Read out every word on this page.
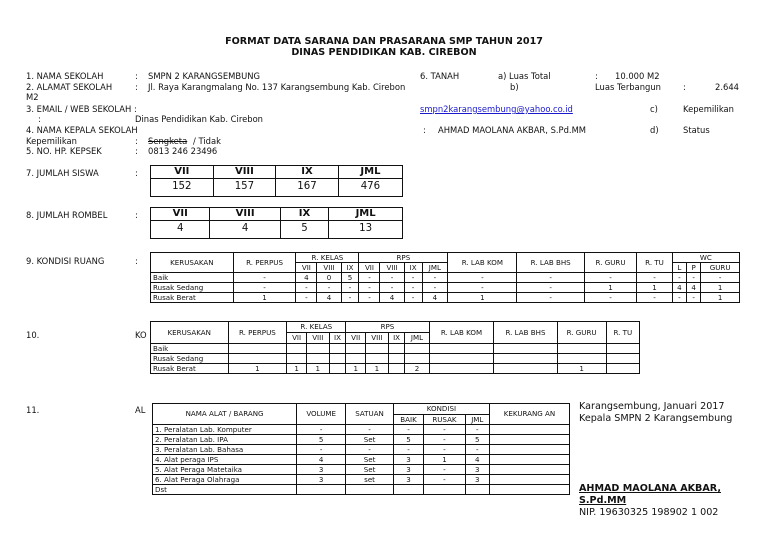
FORMAT DATA SARANA DAN PRASARANA SMP TAHUN 2017
DINAS PENDIDIKAN KAB. CIREBON
1. NAMA SEKOLAH	: SMPN 2 KARANGSEMBUNG
2. ALAMAT SEKOLAH	: Jl. Raya Karangmalang No. 137 Karangsembung Kab. Cirebon
M2
3. EMAIL / WEB SEKOLAH :	smpn2karangsembung@yahoo.co.id
:	Dinas Pendidikan Kab. Cirebon
4. NAMA KEPALA SEKOLAH	: AHMAD MAOLANA AKBAR, S.Pd.MM
Kepemilikan	: Sengketa / Tidak
5. NO. HP. KEPSEK	: 0813 246 23496
6. TANAH	a) Luas Total	: 10.000 M2
b)	Luas Terbangun	:	2.644
c)	Kepemilikan
d)	Status
7. JUMLAH SISWA	:	VII	VIII	IX	JML
152	157	167	476
8. JUMLAH ROMBEL	:	VII	VIII	IX	JML
4	4	5	13
9. KONDISI RUANG	:	KERUSAKAN	R. PERPUS	R. KELAS			RPS				R. LAB KOM	R. LAB BHS	R. GURU	R. TU	WC		
		VII	VIII	IX	VII	VIII	IX	JML					L	P	GURU
Baik	-	4	0	5	-	-	-	-	-	-	-	-	-	-	-
Rusak Sedang	-	-	-	-	-	-	-	-	-	-	1	1	4	4	1
Rusak Berat	1	-	4	-	-	4	-	4	1	-	-	-	-	-	1
10.	KO	KERUSAKAN	R. PERPUS	R. KELAS			RPS				R. LAB KOM	R. LAB BHS	R. GURU	R. TU
		VII	VIII	IX	VII	VIII	IX	JML				
Baik												
Rusak Sedang												
Rusak Berat	1	1	1		1	1		2			1	
11.	AL	NAMA ALAT / BARANG	VOLUME	SATUAN	KONDISI			KEKURANG AN
			BAIK	RUSAK	JML	
1. Peralatan Lab. Komputer	-	-	-	-	-	
2. Peralatan Lab. IPA	5	Set	5	-	5	
3. Peralatan Lab. Bahasa	-	-	-	-	-	
4. Alat peraga IPS	4	Set	3	1	4	
5. Alat Peraga Matetaika	3	Set	3	-	3	
6. Alat Peraga Olahraga	3	set	3	-	3	
Dst						
Karangsembung, Januari 2017
Kepala SMPN 2 Karangsembung
AHMAD MAOLANA AKBAR,
S.Pd.MM
NIP. 19630325 198902 1 002
